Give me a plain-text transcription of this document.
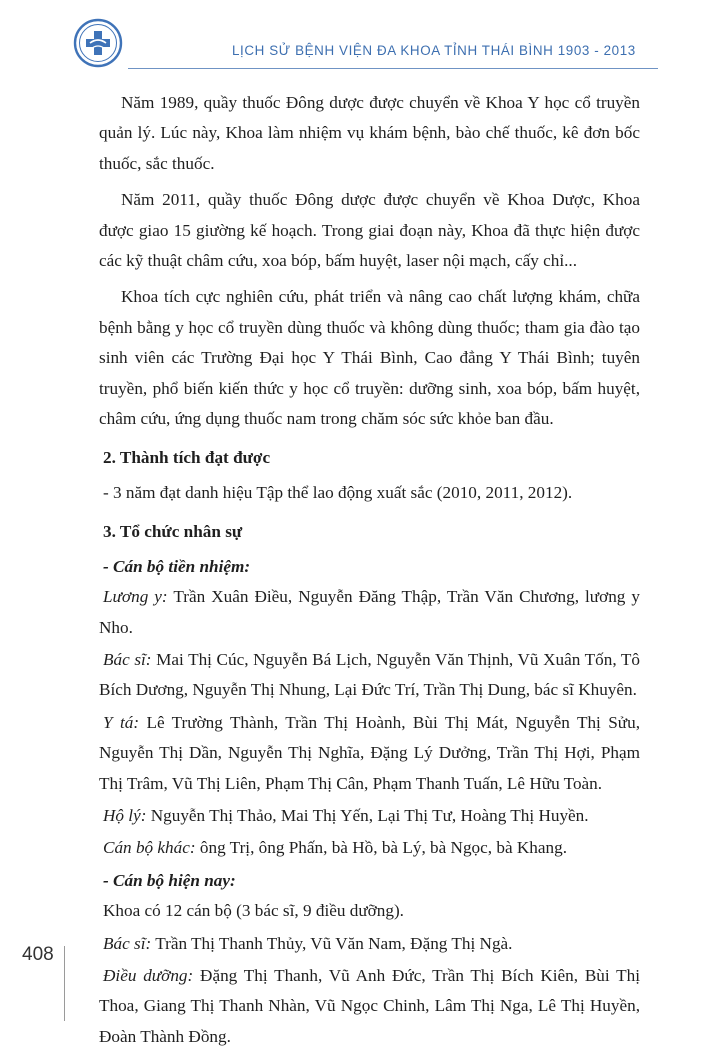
LỊCH SỬ BỆNH VIỆN ĐA KHOA TỈNH THÁI BÌNH 1903 - 2013

Năm 1989, quầy thuốc Đông dược được chuyển về Khoa Y học cổ truyền quản lý. Lúc này, Khoa làm nhiệm vụ khám bệnh, bào chế thuốc, kê đơn bốc thuốc, sắc thuốc.

Năm 2011, quầy thuốc Đông dược được chuyển về Khoa Dược, Khoa được giao 15 giường kế hoạch. Trong giai đoạn này, Khoa đã thực hiện được các kỹ thuật châm cứu, xoa bóp, bấm huyệt, laser nội mạch, cấy chỉ...

Khoa tích cực nghiên cứu, phát triển và nâng cao chất lượng khám, chữa bệnh bằng y học cổ truyền dùng thuốc và không dùng thuốc; tham gia đào tạo sinh viên các Trường Đại học Y Thái Bình, Cao đẳng Y Thái Bình; tuyên truyền, phổ biến kiến thức y học cổ truyền: dưỡng sinh, xoa bóp, bấm huyệt, châm cứu, ứng dụng thuốc nam trong chăm sóc sức khỏe ban đầu.

2. Thành tích đạt được
- 3 năm đạt danh hiệu Tập thể lao động xuất sắc (2010, 2011, 2012).
3. Tổ chức nhân sự
- Cán bộ tiền nhiệm:

Lương y: Trần Xuân Điều, Nguyễn Đăng Thập, Trần Văn Chương, lương y Nho.

Bác sĩ: Mai Thị Cúc, Nguyễn Bá Lịch, Nguyễn Văn Thịnh, Vũ Xuân Tốn, Tô Bích Dương, Nguyễn Thị Nhung, Lại Đức Trí, Trần Thị Dung, bác sĩ Khuyên.

Y tá: Lê Trường Thành, Trần Thị Hoành, Bùi Thị Mát, Nguyễn Thị Sửu, Nguyễn Thị Dần, Nguyễn Thị Nghĩa, Đặng Lý Dưởng, Trần Thị Hợi, Phạm Thị Trâm, Vũ Thị Liên, Phạm Thị Cân, Phạm Thanh Tuấn, Lê Hữu Toàn.

Hộ lý: Nguyễn Thị Thảo, Mai Thị Yến, Lại Thị Tư, Hoàng Thị Huyền.

Cán bộ khác: ông Trị, ông Phấn, bà Hồ, bà Lý, bà Ngọc, bà Khang.

- Cán bộ hiện nay:
Khoa có 12 cán bộ (3 bác sĩ, 9 điều dưỡng).

Bác sĩ: Trần Thị Thanh Thủy, Vũ Văn Nam, Đặng Thị Ngà.

Điều dưỡng: Đặng Thị Thanh, Vũ Anh Đức, Trần Thị Bích Kiên, Bùi Thị Thoa, Giang Thị Thanh Nhàn, Vũ Ngọc Chinh, Lâm Thị Nga, Lê Thị Huyền, Đoàn Thành Đồng.

408
